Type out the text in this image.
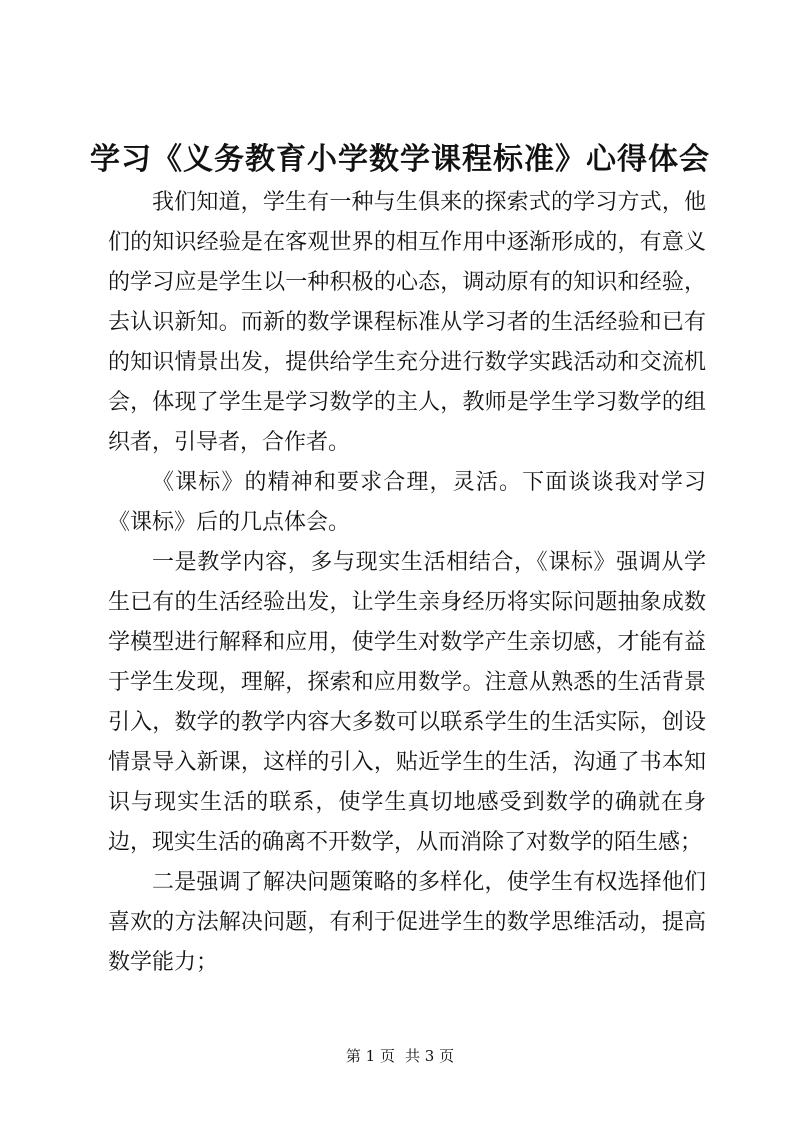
学习《义务教育小学数学课程标准》心得体会

我们知道，学生有一种与生俱来的探索式的学习方式，他们的知识经验是在客观世界的相互作用中逐渐形成的，有意义的学习应是学生以一种积极的心态，调动原有的知识和经验，去认识新知。而新的数学课程标准从学习者的生活经验和已有的知识情景出发，提供给学生充分进行数学实践活动和交流机会，体现了学生是学习数学的主人，教师是学生学习数学的组织者，引导者，合作者。

《课标》的精神和要求合理，灵活。下面谈谈我对学习《课标》后的几点体会。

一是教学内容，多与现实生活相结合，《课标》强调从学生已有的生活经验出发，让学生亲身经历将实际问题抽象成数学模型进行解释和应用，使学生对数学产生亲切感，才能有益于学生发现，理解，探索和应用数学。注意从熟悉的生活背景引入，数学的教学内容大多数可以联系学生的生活实际，创设情景导入新课，这样的引入，贴近学生的生活，沟通了书本知识与现实生活的联系，使学生真切地感受到数学的确就在身边，现实生活的确离不开数学，从而消除了对数学的陌生感；

二是强调了解决问题策略的多样化，使学生有权选择他们喜欢的方法解决问题，有利于促进学生的数学思维活动，提高数学能力；

第 1 页 共 3 页
